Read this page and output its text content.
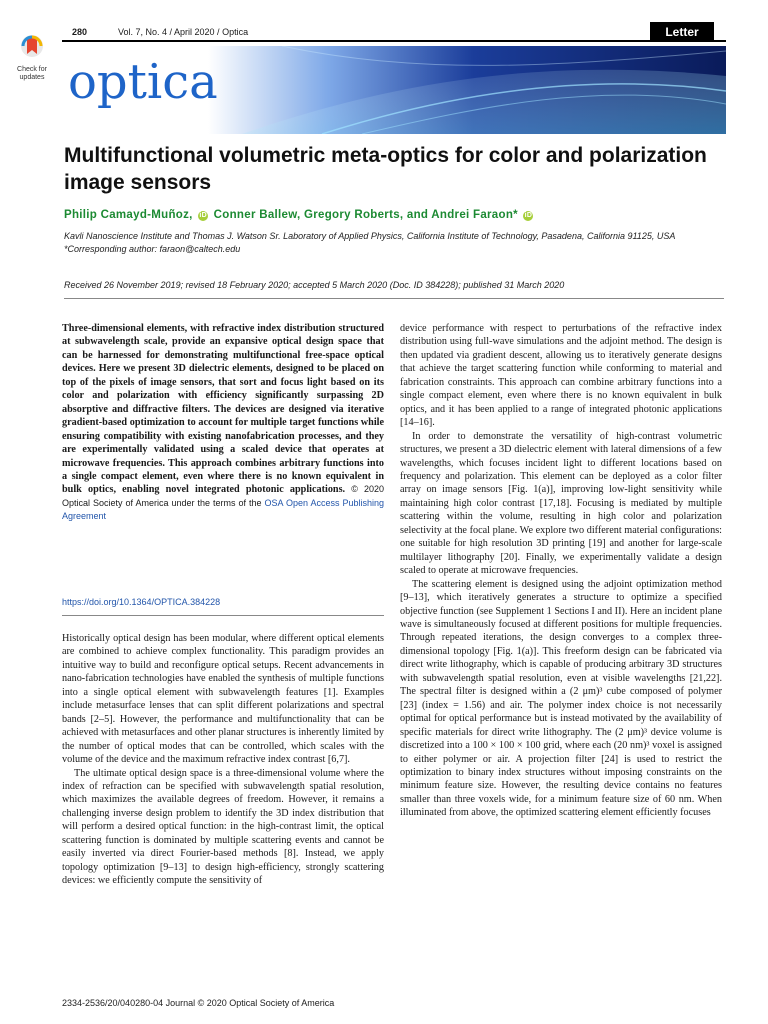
280	Vol. 7, No. 4 / April 2020 / Optica	Letter
Check for updates optica
Multifunctional volumetric meta-optics for color and polarization image sensors
Philip Camayd-Muñoz, iD Conner Ballew, Gregory Roberts, and Andrei Faraon* iD
Kavli Nanoscience Institute and Thomas J. Watson Sr. Laboratory of Applied Physics, California Institute of Technology, Pasadena, California 91125, USA
*Corresponding author: faraon@caltech.edu
Received 26 November 2019; revised 18 February 2020; accepted 5 March 2020 (Doc. ID 384228); published 31 March 2020
Three-dimensional elements, with refractive index distribution structured at subwavelength scale, provide an expansive optical design space that can be harnessed for demonstrating multifunctional free-space optical devices. Here we present 3D dielectric elements, designed to be placed on top of the pixels of image sensors, that sort and focus light based on its color and polarization with efficiency significantly surpassing 2D absorptive and diffractive filters. The devices are designed via iterative gradient-based optimization to account for multiple target functions while ensuring compatibility with existing nanofabrication processes, and they are experimentally validated using a scaled device that operates at microwave frequencies. This approach combines arbitrary functions into a single compact element, even where there is no known equivalent in bulk optics, enabling novel integrated photonic applications. © 2020 Optical Society of America under the terms of the OSA Open Access Publishing Agreement
https://doi.org/10.1364/OPTICA.384228

Historically optical design has been modular, where different optical elements are combined to achieve complex functionality. This paradigm provides an intuitive way to build and reconfigure optical setups. Recent advancements in nano-fabrication technologies have enabled the synthesis of multiple functions into a single optical element with subwavelength features [1]. Examples include metasurface lenses that can split different polarizations and spectral bands [2–5]. However, the performance and multifunctionality that can be achieved with metasurfaces and other planar structures is inherently limited by the number of optical modes that can be controlled, which scales with the volume of the device and the maximum refractive index contrast [6,7].

The ultimate optical design space is a three-dimensional volume where the index of refraction can be specified with subwavelength spatial resolution, which maximizes the available degrees of freedom. However, it remains a challenging inverse design problem to identify the 3D index distribution that will perform a desired optical function: in the high-contrast limit, the optical scattering function is dominated by multiple scattering events and cannot be easily inverted via direct Fourier-based methods [8]. Instead, we apply topology optimization [9–13] to design high-efficiency, strongly scattering devices: we efficiently compute the sensitivity of

device performance with respect to perturbations of the refractive index distribution using full-wave simulations and the adjoint method. The design is then updated via gradient descent, allowing us to iteratively generate designs that achieve the target scattering function while conforming to material and fabrication constraints. This approach can combine arbitrary functions into a single compact element, even where there is no known equivalent in bulk optics, and it has been applied to a range of integrated photonic applications [14–16].

In order to demonstrate the versatility of high-contrast volumetric structures, we present a 3D dielectric element with lateral dimensions of a few wavelengths, which focuses incident light to different locations based on frequency and polarization. This element can be deployed as a color filter array on image sensors [Fig. 1(a)], improving low-light sensitivity while maintaining high color contrast [17,18]. Focusing is mediated by multiple scattering within the volume, resulting in high color and polarization selectivity at the focal plane. We explore two different material configurations: one suitable for high resolution 3D printing [19] and another for large-scale multilayer lithography [20]. Finally, we experimentally validate a design scaled to operate at microwave frequencies.

The scattering element is designed using the adjoint optimization method [9–13], which iteratively generates a structure to optimize a specified objective function (see Supplement 1 Sections I and II). Here an incident plane wave is simultaneously focused at different positions for multiple frequencies. Through repeated iterations, the design converges to a complex three-dimensional topology [Fig. 1(a)]. This freeform design can be fabricated via direct write lithography, which is capable of producing arbitrary 3D structures with subwavelength spatial resolution, even at visible wavelengths [21,22]. The spectral filter is designed within a (2 μm)³ cube composed of polymer [23] (index = 1.56) and air. The polymer index choice is not necessarily optimal for optical performance but is instead motivated by the availability of specific materials for direct write lithography. The (2 μm)³ device volume is discretized into a 100 × 100 × 100 grid, where each (20 nm)³ voxel is assigned to either polymer or air. A projection filter [24] is used to restrict the optimization to binary index structures without imposing constraints on the minimum feature size. However, the resulting device contains no features smaller than three voxels wide, for a minimum feature size of 60 nm. When illuminated from above, the optimized scattering element efficiently focuses

2334-2536/20/040280-04 Journal © 2020 Optical Society of America
